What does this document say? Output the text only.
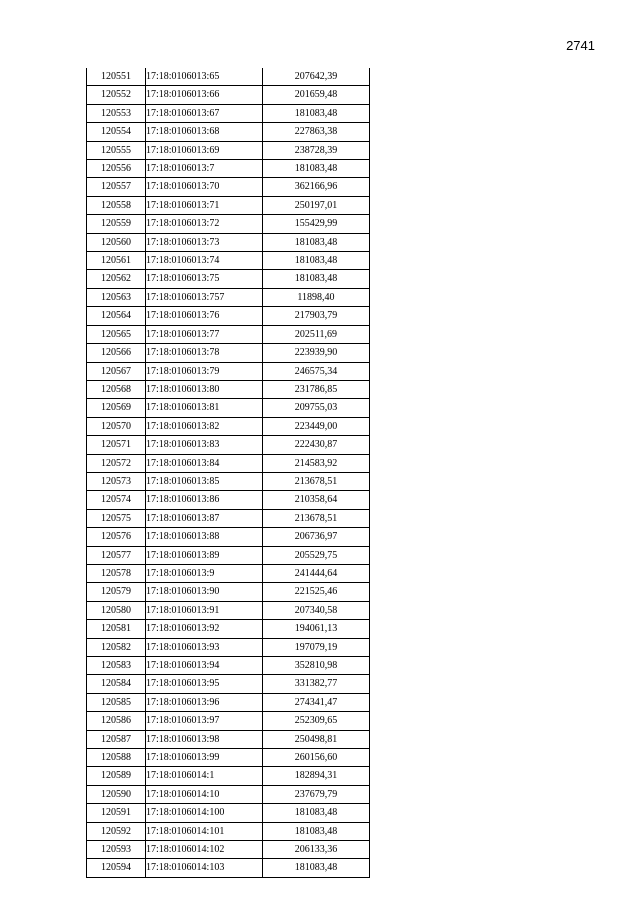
2741
120551	17:18:0106013:65	207642,39
120552	17:18:0106013:66	201659,48
120553	17:18:0106013:67	181083,48
120554	17:18:0106013:68	227863,38
120555	17:18:0106013:69	238728,39
120556	17:18:0106013:7	181083,48
120557	17:18:0106013:70	362166,96
120558	17:18:0106013:71	250197,01
120559	17:18:0106013:72	155429,99
120560	17:18:0106013:73	181083,48
120561	17:18:0106013:74	181083,48
120562	17:18:0106013:75	181083,48
120563	17:18:0106013:757	11898,40
120564	17:18:0106013:76	217903,79
120565	17:18:0106013:77	202511,69
120566	17:18:0106013:78	223939,90
120567	17:18:0106013:79	246575,34
120568	17:18:0106013:80	231786,85
120569	17:18:0106013:81	209755,03
120570	17:18:0106013:82	223449,00
120571	17:18:0106013:83	222430,87
120572	17:18:0106013:84	214583,92
120573	17:18:0106013:85	213678,51
120574	17:18:0106013:86	210358,64
120575	17:18:0106013:87	213678,51
120576	17:18:0106013:88	206736,97
120577	17:18:0106013:89	205529,75
120578	17:18:0106013:9	241444,64
120579	17:18:0106013:90	221525,46
120580	17:18:0106013:91	207340,58
120581	17:18:0106013:92	194061,13
120582	17:18:0106013:93	197079,19
120583	17:18:0106013:94	352810,98
120584	17:18:0106013:95	331382,77
120585	17:18:0106013:96	274341,47
120586	17:18:0106013:97	252309,65
120587	17:18:0106013:98	250498,81
120588	17:18:0106013:99	260156,60
120589	17:18:0106014:1	182894,31
120590	17:18:0106014:10	237679,79
120591	17:18:0106014:100	181083,48
120592	17:18:0106014:101	181083,48
120593	17:18:0106014:102	206133,36
120594	17:18:0106014:103	181083,48
